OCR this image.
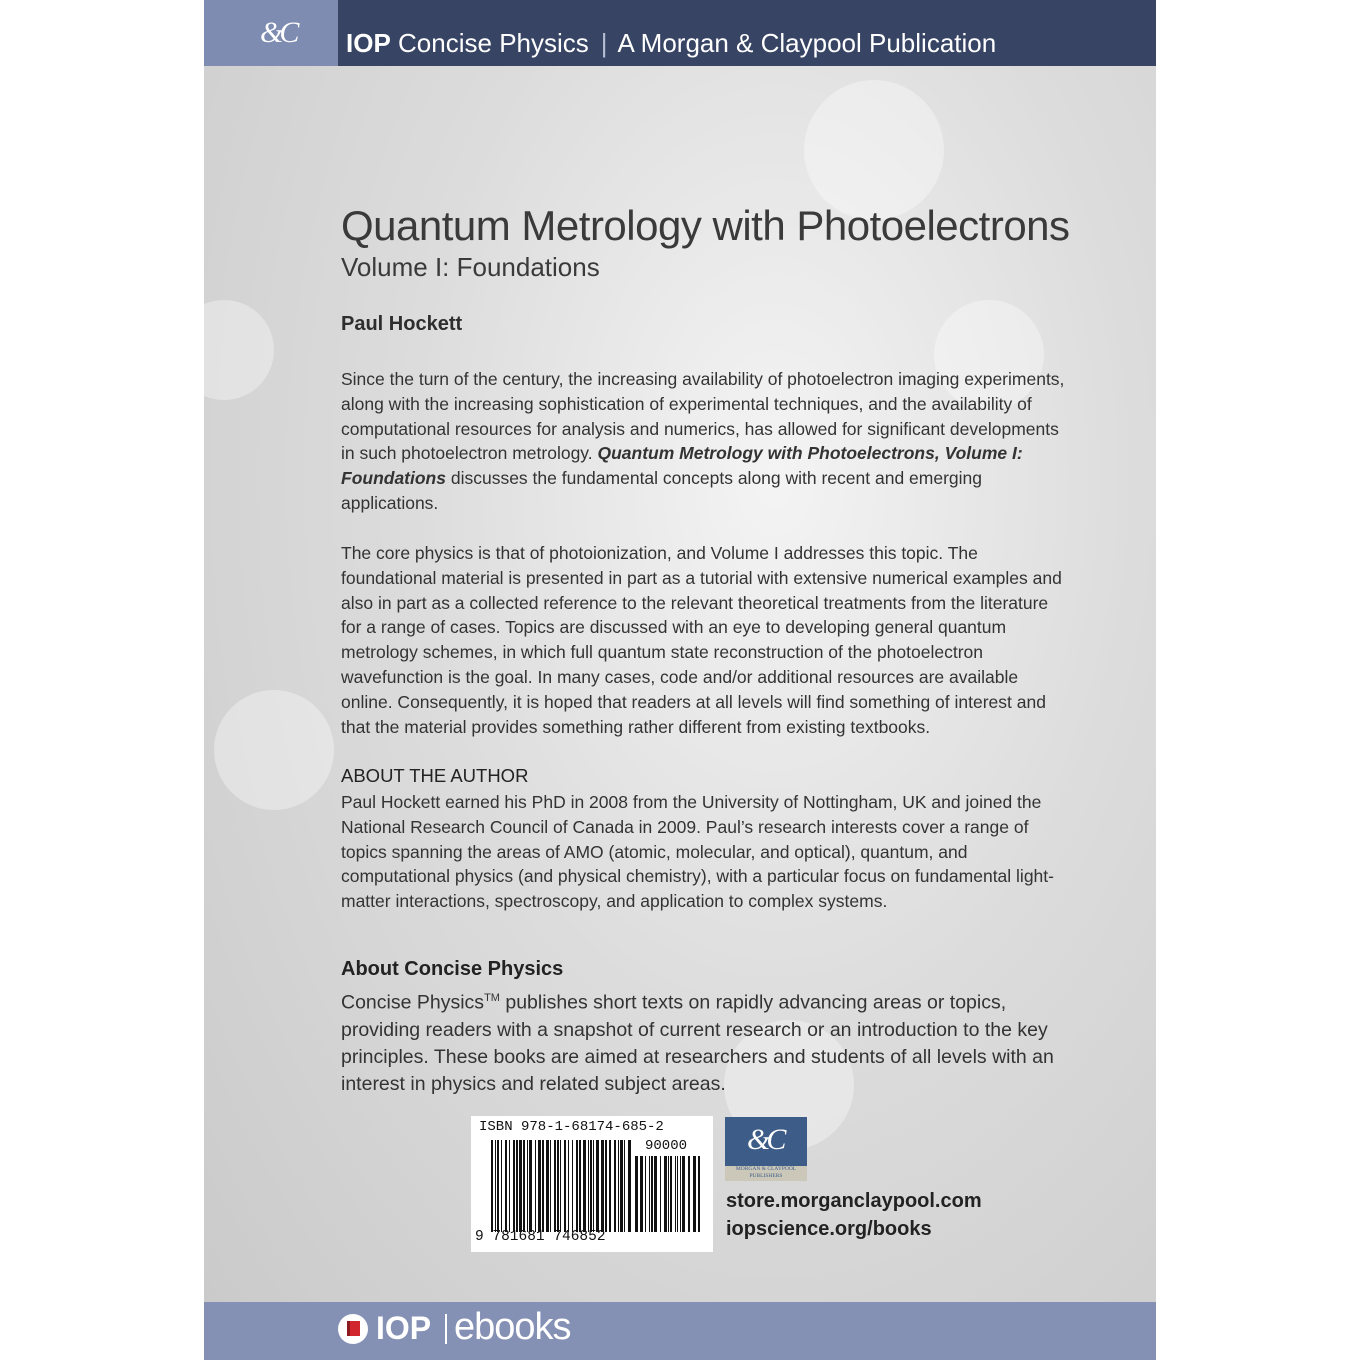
&C IOP Concise Physics | A Morgan & Claypool Publication
Quantum Metrology with Photoelectrons
Volume I: Foundations
Paul Hockett
Since the turn of the century, the increasing availability of photoelectron imaging experiments, along with the increasing sophistication of experimental techniques, and the availability of computational resources for analysis and numerics, has allowed for significant developments in such photoelectron metrology. Quantum Metrology with Photoelectrons, Volume I: Foundations discusses the fundamental concepts along with recent and emerging applications.
The core physics is that of photoionization, and Volume I addresses this topic. The foundational material is presented in part as a tutorial with extensive numerical examples and also in part as a collected reference to the relevant theoretical treatments from the literature for a range of cases. Topics are discussed with an eye to developing general quantum metrology schemes, in which full quantum state reconstruction of the photoelectron wavefunction is the goal. In many cases, code and/or additional resources are available online. Consequently, it is hoped that readers at all levels will find something of interest and that the material provides something rather different from existing textbooks.
ABOUT THE AUTHOR
Paul Hockett earned his PhD in 2008 from the University of Nottingham, UK and joined the National Research Council of Canada in 2009. Paul’s research interests cover a range of topics spanning the areas of AMO (atomic, molecular, and optical), quantum, and computational physics (and physical chemistry), with a particular focus on fundamental light-matter interactions, spectroscopy, and application to complex systems.
About Concise Physics
Concise Physics™ publishes short texts on rapidly advancing areas or topics, providing readers with a snapshot of current research or an introduction to the key principles. These books are aimed at researchers and students of all levels with an interest in physics and related subject areas.
ISBN 978-1-68174-685-2
90000
9 781681 746852
&C
MORGAN & CLAYPOOL PUBLISHERS
store.morganclaypool.com
iopscience.org/books
IOP ebooks
